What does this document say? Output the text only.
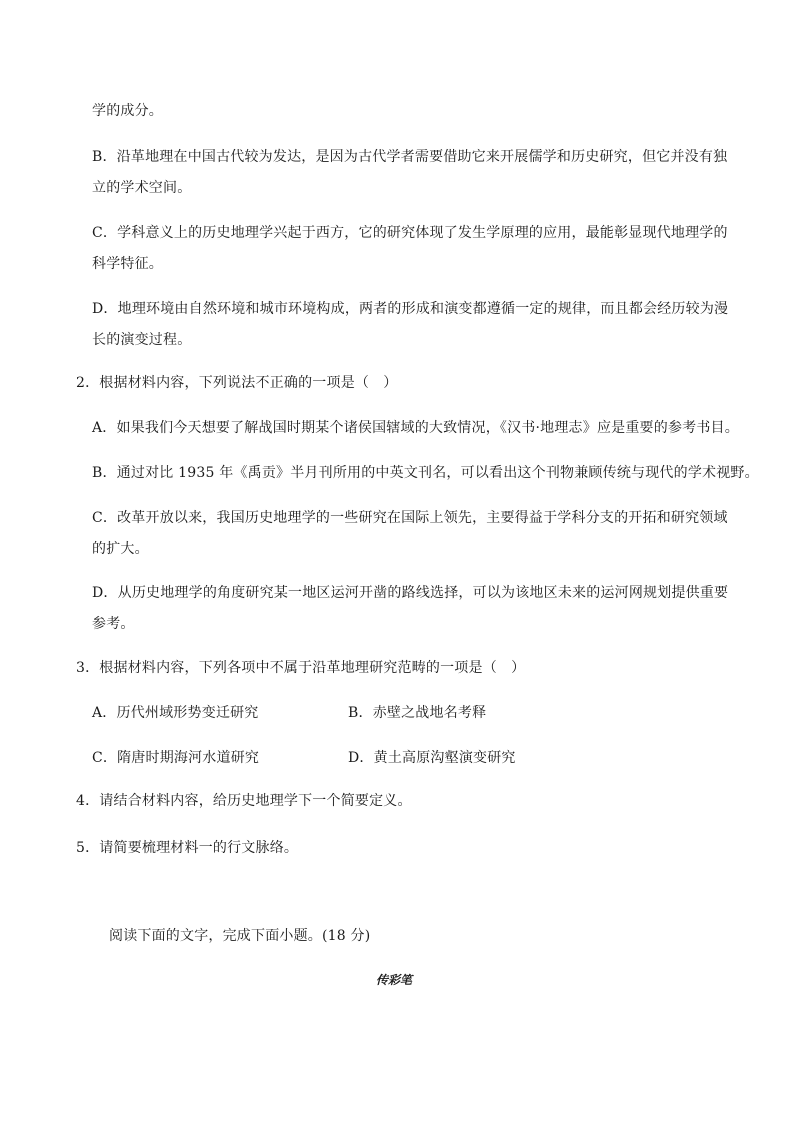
学的成分。
B．沿革地理在中国古代较为发达，是因为古代学者需要借助它来开展儒学和历史研究，但它并没有独
立的学术空间。
C．学科意义上的历史地理学兴起于西方，它的研究体现了发生学原理的应用，最能彰显现代地理学的
科学特征。
D．地理环境由自然环境和城市环境构成，两者的形成和演变都遵循一定的规律，而且都会经历较为漫
长的演变过程。
2．根据材料内容，下列说法不正确的一项是（　）
A．如果我们今天想要了解战国时期某个诸侯国辖域的大致情况，《汉书·地理志》应是重要的参考书目。
B．通过对比 1935 年《禹贡》半月刊所用的中英文刊名，可以看出这个刊物兼顾传统与现代的学术视野。
C．改革开放以来，我国历史地理学的一些研究在国际上领先，主要得益于学科分支的开拓和研究领域
的扩大。
D．从历史地理学的角度研究某一地区运河开凿的路线选择，可以为该地区未来的运河网规划提供重要
参考。
3．根据材料内容，下列各项中不属于沿革地理研究范畴的一项是（　）
A．历代州域形势变迁研究	B．赤壁之战地名考释
C．隋唐时期海河水道研究	D．黄土高原沟壑演变研究
4．请结合材料内容，给历史地理学下一个简要定义。
5．请简要梳理材料一的行文脉络。
阅读下面的文字，完成下面小题。(18 分)
传彩笔
